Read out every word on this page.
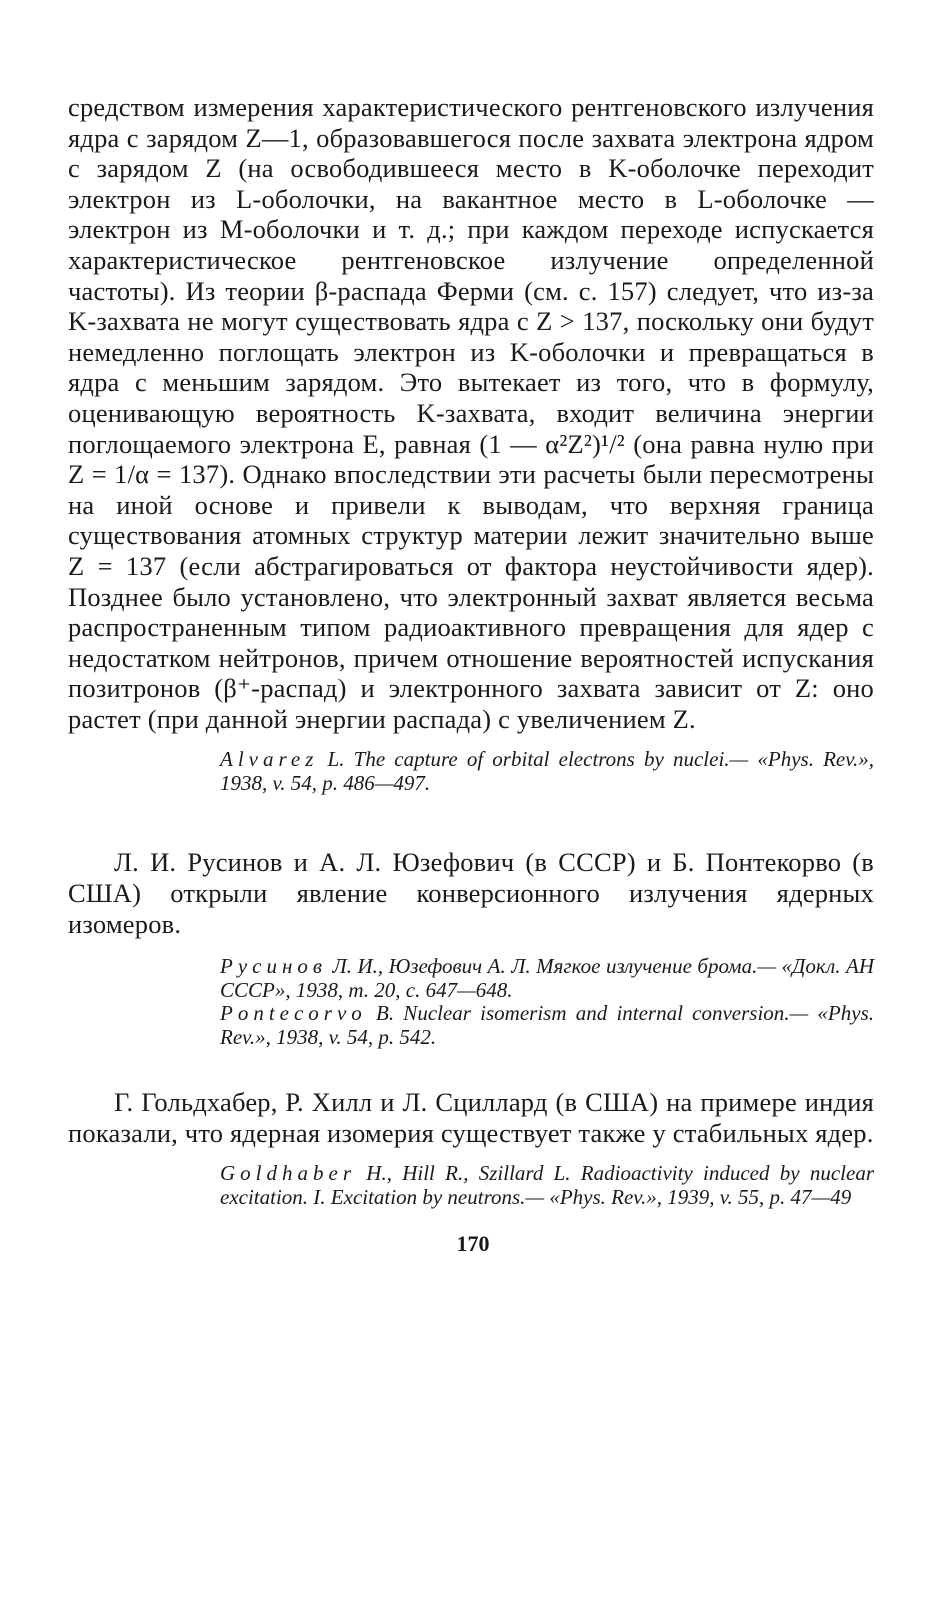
средством измерения характеристического рентгеновского излучения ядра с зарядом Z—1, образовавшегося после захвата электрона ядром с зарядом Z (на освободившееся место в K-оболочке переходит электрон из L-оболочки, на вакантное место в L-оболочке — электрон из M-оболочки и т. д.; при каждом переходе испускается характеристическое рентгеновское излучение определенной частоты). Из теории β-распада Ферми (см. с. 157) следует, что из-за K-захвата не могут существовать ядра с Z > 137, поскольку они будут немедленно поглощать электрон из K-оболочки и превращаться в ядра с меньшим зарядом. Это вытекает из того, что в формулу, оценивающую вероятность K-захвата, входит величина энергии поглощаемого электрона E, равная (1 — α²Z²)¹/² (она равна нулю при Z = 1/α = 137). Однако впоследствии эти расчеты были пересмотрены на иной основе и привели к выводам, что верхняя граница существования атомных структур материи лежит значительно выше Z = 137 (если абстрагироваться от фактора неустойчивости ядер). Позднее было установлено, что электронный захват является весьма распространенным типом радиоактивного превращения для ядер с недостатком нейтронов, причем отношение вероятностей испускания позитронов (β⁺-распад) и электронного захвата зависит от Z: оно растет (при данной энергии распада) с увеличением Z.

Alvarez L. The capture of orbital electrons by nuclei.— «Phys. Rev.», 1938, v. 54, p. 486—497.

Л. И. Русинов и А. Л. Юзефович (в СССР) и Б. Понтекорво (в США) открыли явление конверсионного излучения ядерных изомеров.

Русинов Л. И., Юзефович А. Л. Мягкое излучение брома.— «Докл. АН СССР», 1938, т. 20, с. 647—648.

Pontecorvo B. Nuclear isomerism and internal conversion.— «Phys. Rev.», 1938, v. 54, p. 542.

Г. Гольдхабер, Р. Хилл и Л. Сциллард (в США) на примере индия показали, что ядерная изомерия существует также у стабильных ядер.

Goldhaber H., Hill R., Szillard L. Radioactivity induced by nuclear excitation. I. Excitation by neutrons.— «Phys. Rev.», 1939, v. 55, p. 47—49

170
